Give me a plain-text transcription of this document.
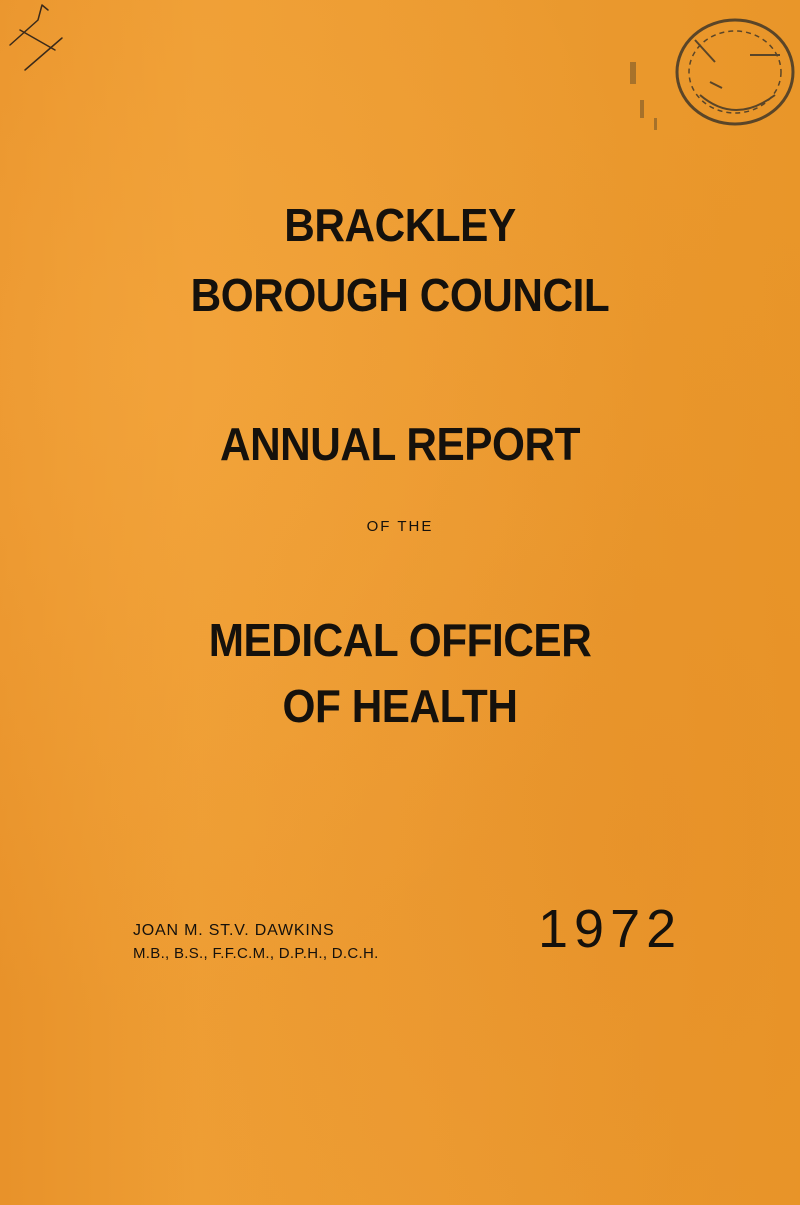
BRACKLEY
BOROUGH COUNCIL
ANNUAL REPORT
OF THE
MEDICAL OFFICER
OF HEALTH
JOAN M. ST.V. DAWKINS
M.B., B.S., F.F.C.M., D.P.H., D.C.H.	1972
